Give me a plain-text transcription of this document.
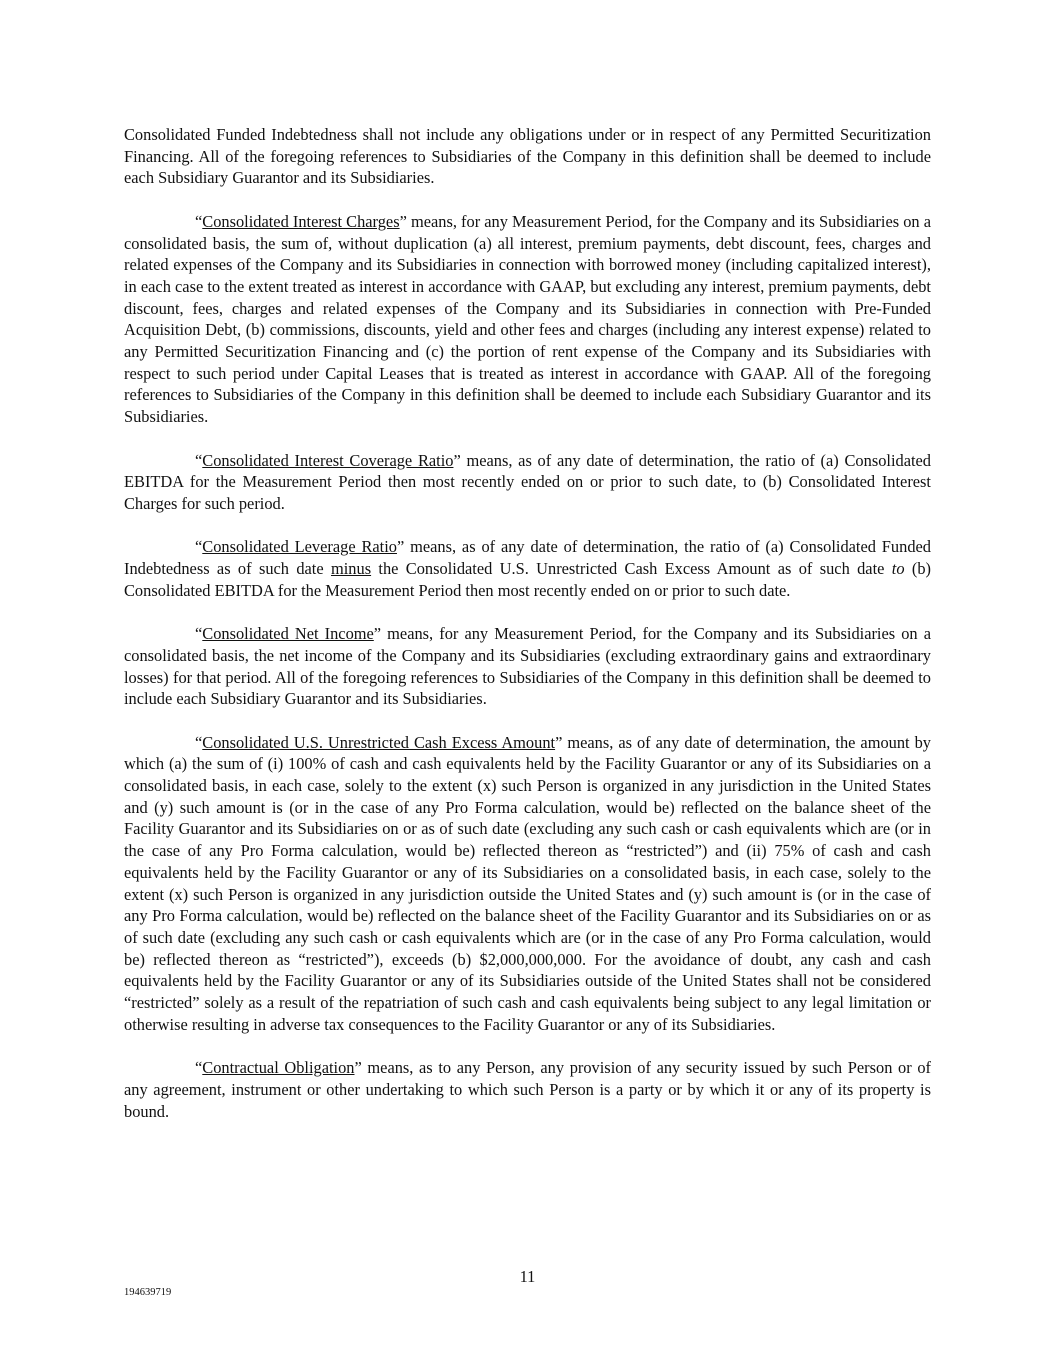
Consolidated Funded Indebtedness shall not include any obligations under or in respect of any Permitted Securitization Financing. All of the foregoing references to Subsidiaries of the Company in this definition shall be deemed to include each Subsidiary Guarantor and its Subsidiaries.

“Consolidated Interest Charges” means, for any Measurement Period, for the Company and its Subsidiaries on a consolidated basis, the sum of, without duplication (a) all interest, premium payments, debt discount, fees, charges and related expenses of the Company and its Subsidiaries in connection with borrowed money (including capitalized interest), in each case to the extent treated as interest in accordance with GAAP, but excluding any interest, premium payments, debt discount, fees, charges and related expenses of the Company and its Subsidiaries in connection with Pre-Funded Acquisition Debt, (b) commissions, discounts, yield and other fees and charges (including any interest expense) related to any Permitted Securitization Financing and (c) the portion of rent expense of the Company and its Subsidiaries with respect to such period under Capital Leases that is treated as interest in accordance with GAAP. All of the foregoing references to Subsidiaries of the Company in this definition shall be deemed to include each Subsidiary Guarantor and its Subsidiaries.

“Consolidated Interest Coverage Ratio” means, as of any date of determination, the ratio of (a) Consolidated EBITDA for the Measurement Period then most recently ended on or prior to such date, to (b) Consolidated Interest Charges for such period.

“Consolidated Leverage Ratio” means, as of any date of determination, the ratio of (a) Consolidated Funded Indebtedness as of such date minus the Consolidated U.S. Unrestricted Cash Excess Amount as of such date to (b) Consolidated EBITDA for the Measurement Period then most recently ended on or prior to such date.

“Consolidated Net Income” means, for any Measurement Period, for the Company and its Subsidiaries on a consolidated basis, the net income of the Company and its Subsidiaries (excluding extraordinary gains and extraordinary losses) for that period. All of the foregoing references to Subsidiaries of the Company in this definition shall be deemed to include each Subsidiary Guarantor and its Subsidiaries.

“Consolidated U.S. Unrestricted Cash Excess Amount” means, as of any date of determination, the amount by which (a) the sum of (i) 100% of cash and cash equivalents held by the Facility Guarantor or any of its Subsidiaries on a consolidated basis, in each case, solely to the extent (x) such Person is organized in any jurisdiction in the United States and (y) such amount is (or in the case of any Pro Forma calculation, would be) reflected on the balance sheet of the Facility Guarantor and its Subsidiaries on or as of such date (excluding any such cash or cash equivalents which are (or in the case of any Pro Forma calculation, would be) reflected thereon as “restricted”) and (ii) 75% of cash and cash equivalents held by the Facility Guarantor or any of its Subsidiaries on a consolidated basis, in each case, solely to the extent (x) such Person is organized in any jurisdiction outside the United States and (y) such amount is (or in the case of any Pro Forma calculation, would be) reflected on the balance sheet of the Facility Guarantor and its Subsidiaries on or as of such date (excluding any such cash or cash equivalents which are (or in the case of any Pro Forma calculation, would be) reflected thereon as “restricted”), exceeds (b) $2,000,000,000. For the avoidance of doubt, any cash and cash equivalents held by the Facility Guarantor or any of its Subsidiaries outside of the United States shall not be considered “restricted” solely as a result of the repatriation of such cash and cash equivalents being subject to any legal limitation or otherwise resulting in adverse tax consequences to the Facility Guarantor or any of its Subsidiaries.

“Contractual Obligation” means, as to any Person, any provision of any security issued by such Person or of any agreement, instrument or other undertaking to which such Person is a party or by which it or any of its property is bound.

11
194639719
